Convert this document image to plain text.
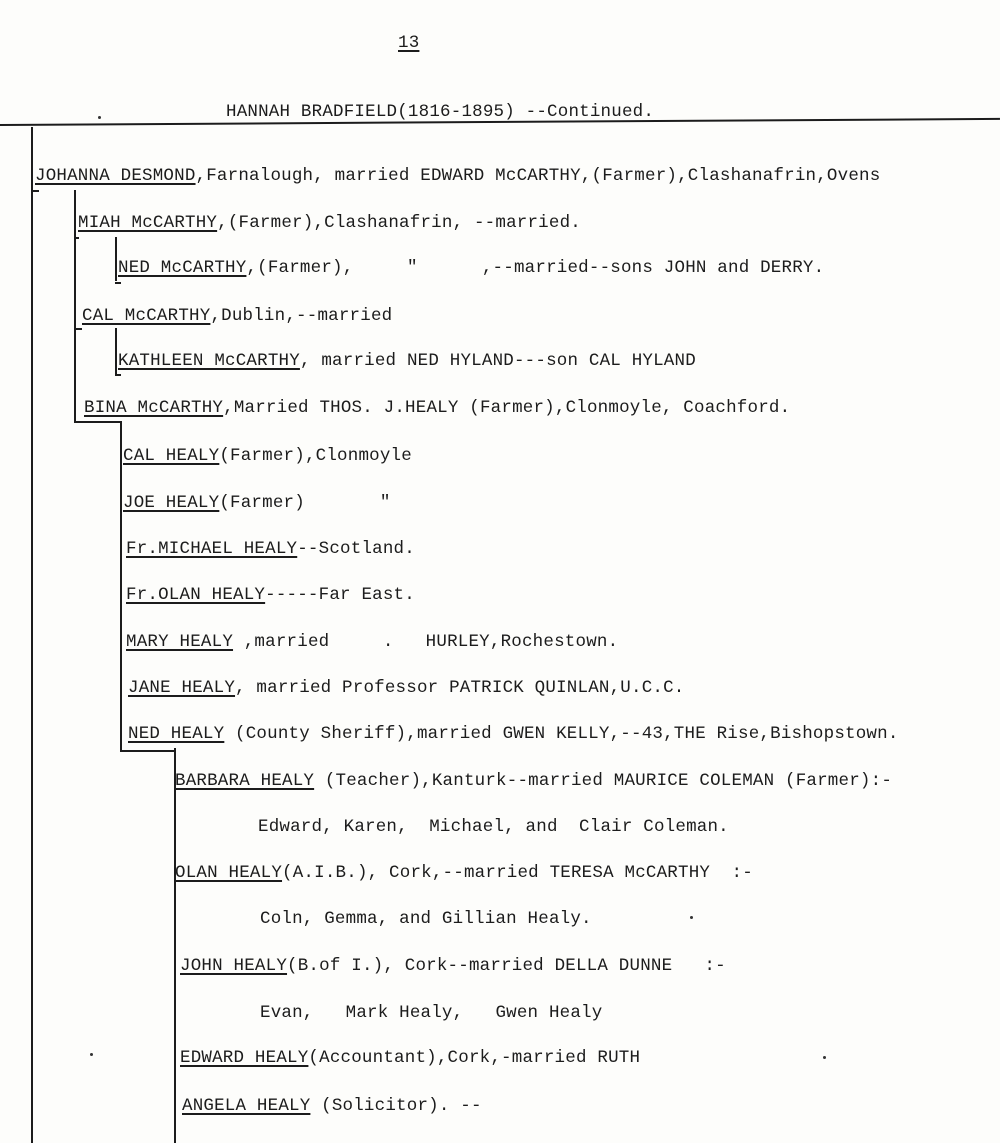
13
HANNAH BRADFIELD(1816-1895) --Continued.
JOHANNA DESMOND,Farnalough, married EDWARD McCARTHY,(Farmer),Clashanafrin,Ovens
MIAH McCARTHY,(Farmer),Clashanafrin, --married.
NED McCARTHY,(Farmer),     "      ,--married--sons JOHN and DERRY.
CAL McCARTHY,Dublin,--married
KATHLEEN McCARTHY, married NED HYLAND---son CAL HYLAND
BINA McCARTHY,Married THOS. J.HEALY (Farmer),Clonmoyle, Coachford.
CAL HEALY(Farmer),Clonmoyle
JOE HEALY(Farmer)       "
Fr.MICHAEL HEALY--Scotland.
Fr.OLAN HEALY-----Far East.
MARY HEALY ,married     .   HURLEY,Rochestown.
JANE HEALY, married Professor PATRICK QUINLAN,U.C.C.
NED HEALY (County Sheriff),married GWEN KELLY,--43,THE Rise,Bishopstown.
BARBARA HEALY (Teacher),Kanturk--married MAURICE COLEMAN (Farmer):-
Edward, Karen,  Michael, and  Clair Coleman.
OLAN HEALY(A.I.B.), Cork,--married TERESA McCARTHY  :-
Coln, Gemma, and Gillian Healy.
JOHN HEALY(B.of I.), Cork--married DELLA DUNNE   :-
Evan,   Mark Healy,   Gwen Healy
EDWARD HEALY(Accountant),Cork,-married RUTH
ANGELA HEALY (Solicitor). --
